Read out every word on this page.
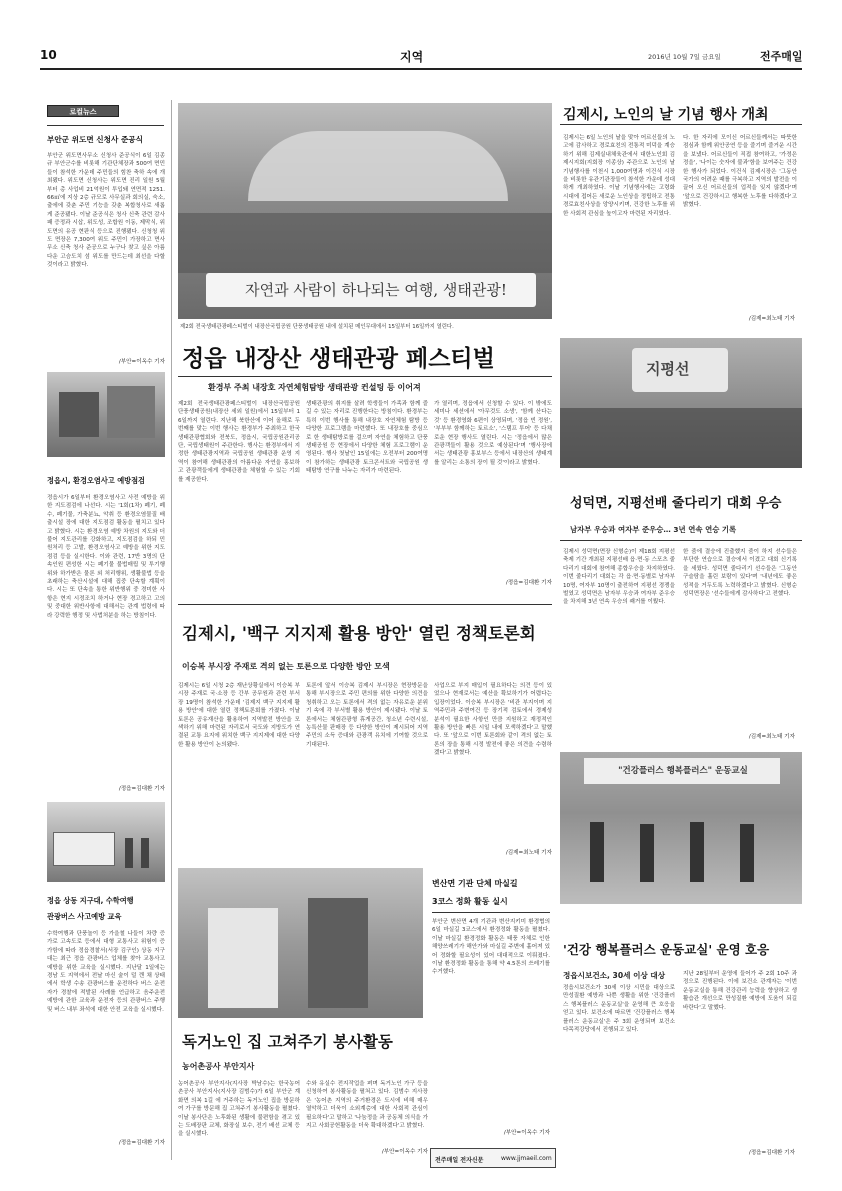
10	지역	2016년 10월 7일 금요일	전주매일
로컬뉴스
부안군 위도면 신청사 준공식
부안군 위도면사무소 신청사 준공식이 6일 김종규 부안군수를 비롯해 기관단체장과 500여 면민들이 참석한 가운데 주민들의 힘찬 축하 속에 개최됐다. 위도면 신청사는 위도면 진리 일원 5월부터 총 사업비 21억원이 투입돼 연면적 1251.66㎡에 지상 2층 규모로 사무실과 회의실, 숙소, 출에에 갖춘 주민 기능을 갖춘 복합청사로 새롭게 준공됐다. 이날 준공식은 청사 신축 관련 감사패 증정과 시삽, 위도성, 조합원 이동, 제막식, 위도면의 유공 현판식 등으로 진행됐다. 신청청 위도 면장은 7,300여 위도 주민이 가장하고 면사무소 신축 청사 준공으로 누구나 찾고 싶은 아름다운 고슴도치 섬 위도를 만드는데 최선을 다할 것이라고 밝혔다.
/부안=이옥수 기자
정읍시, 환경오염사고 예방점검
정읍시가 6일부터 환경오염사고 사전 예방을 위한 지도점검에 나선다. 시는 '1회(1차) 폐기, 폐수, 폐기물, 가축분뇨, 악취 등 환경오염물질 배출시설 장에 대한 지도점검 활동을 펼치고 있다고 밝혔다. 시는 환경오염 예방 차원의 지도와 더불어 지도관리를 강화하고, 지도점검을 하되 민원처리 등 고발, 환경오염사고 예방을 위한 지도점검 등을 실시한다. 이와 관련, 17반 3명의 단속인원 편성한 시는 폐기물 불법매립 및 투기행위와 하가받은 물론 외 처리행위, 생활불법 등을 초래하는 축산시설에 대해 집중 단속할 계획이다. 시는 또 단속을 통한 위반행위 중 경미한 사항은 현지 시정조치 하거나 현장 경고하고 고의 및 중대한 위반사항에 대해서는 관계 법령에 따라 강력한 행정 및 사법처분을 하는 방침이다.
/정읍=김대환 기자
정읍 상동 지구대, 수학여행
관광버스 사고예방 교육
수학여행과 단풍놀이 등 가을철 나들이 차량 증가로 고속도로 등에서 대형 교통사고 위험이 증가함에 따라 정읍경찰서(서장 김구인) 상동 지구대는 최근 정읍 관광버스 업체를 찾아 교통사고 예방을 위한 교육을 실시했다. 지난달 1일에는 경남 도 지역에서 전날 마신 술이 덜 깬 채 상태에서 학생 수송 관광버스를 운전하다 버스 운전자가 경찰에 적발된 사례를 언급하고 음주운전 예방에 관한 교육과 운전자 등의 관광버스 주행 및 버스 내부 좌석에 대한 안전 교육을 실시했다.
/정읍=김대환 기자
자연과 사람이 하나되는 여행, 생태관광!
제2회 전국생태관광페스티벌이 내장산국립공원 단풍생태공원 내에 설치된 메인무대에서 15일부터 16일까지 열린다.
정읍 내장산 생태관광 페스티벌
환경부 주최 내장호 자연체험탐방 생태관광 컨설팅 등 이어져
제2회 전국생태관광페스티벌이 내장산국립공원 단풍생태공원(내장산 세외 일원)에서 15일부터 16일까지 열린다. 지난해 북한산에 이어 올해로 두 번째를 맞는 이번 행사는 환경부가 주최하고 한국생태관광협회와 전북도, 정읍시, 국립공원관리공단, 국립생태원이 주관한다. 행사는 환경부에서 지정한 생태관광지역과 국립공원 생태관광 운영 지역이 참여해 생태관광의 아름다운 자연을 홍보하고 관광객들에게 생태관광을 체험할 수 있는 기회를 제공한다.
생태관광의 취지를 살려 학생들이 가족과 함께 즐길 수 있는 자리로 진행한다는 방침이다. 환경부는 특히 이번 행사를 통해 내장호 자연체험 탐방 등 다양한 프로그램을 마련했다. 또 내장호를 중심으로 한 생태탐방로를 걸으며 자연을 체험하고 단풍생태공원 등 현장에서 다양한 체험 프로그램이 운영된다. 행사 첫날인 15일에는 오전부터 200여명이 참가하는 생태관광 토크콘서트와 국립공원 생태탐방 연구를 나누는 자리가 마련된다.
가 열리며, 정읍에서 신청할 수 있다. 이 밖에도 세미나 세션에서 '아무것도 소생', '함께 산다는 것' 등 환경영화 6편이 상영되며, '정읍 빈 정원', '부부부 함께하는 토르소', '스탬프 투어' 등 다채로운 현장 행사도 열린다. 시는 '정읍에서 많은 관광객들이 활용 것으로 예상된다'며 '행사장에서는 생태관광 홍보부스 등에서 내장산의 생태계를 알리는 소통의 장이 될 것'이라고 밝혔다.
/정읍=김대환 기자
김제시, '백구 지지제 활용 방안' 열린 정책토론회
이승복 부시장 주재로 격의 없는 토론으로 다양한 방안 모색
김제시는 6일 시청 2층 재난상황실에서 이승복 부시장 주재로 국·소장 등 간부 공무원과 관련 부서장 19명이 참석한 가운데 '김제지 백구 지지제 활용 방안'에 대한 열린 정책토론회를 가졌다. 이날 토론은 공유재산을 활용하여 지역발전 방안을 모색하기 위해 마련된 자리로서 국도와 지방도가 연결된 교통 요지에 위치한 백구 지지제에 대한 다양한 활용 방안이 논의됐다.
토론에 앞서 이승복 김제시 부시장은 현장방문을 통해 부시장으로 주민 편의를 위한 다양한 의견을 청취하고 오는 토론에서 격의 없는 자유로운 분위기 속에 각 부서별 활용 방안이 제시됐다. 이날 토론에서는 체험관광형 휴게공간, 청소년 수련시설, 농특산물 판매장 등 다양한 방안이 제시되어 지역 주민의 소득 증대와 관광객 유치에 기여할 것으로 기대된다.
사업으로 부지 매입이 필요하다는 의견 등이 있었으나 현재로서는 예산을 확보하기가 어렵다는 입장이었다. 이승복 부시장은 '비관 부지이며 지역주민과 주변여건 등 장기적 검토에서 경제성 분석이 필요한 사항인 만큼 지원하고 재정적인 활용 방안을 빠른 시일 내에 모색하겠다'고 말했다. 또 '앞으로 이번 토론회와 같이 격의 없는 토론의 장을 통해 시정 발전에 좋은 의견을 수렴하겠다'고 밝혔다.
/김제=최노태 기자
독거노인 집 고쳐주기 봉사활동
농어촌공사 부안지사
농어촌공사 부안지사(지사장 박남수)는 한국농어촌공사 부안지사(지사장 김범수)가 6일 부안군 계화면 의복 1길 에 거주하는 독거노인 집을 방문하여 가구를 방문해 집 고쳐주기 봉사활동을 펼쳤다. 이날 봉사단은 노후화된 생활에 불편함을 겪고 있는 도배장판 교체, 화장실 보수, 전기 배선 교체 등을 실시했다.
수와 유실수 전지작업을 펴며 독거노인 가구 등을 신청하여 봉사활동을 펼쳐고 있다. 김범수 지사장은 '농어촌 지역의 주거환경은 도시에 비해 매우 열악하고 더욱이 소외계층에 대한 사회적 관심이 필요하다'고 말하고 '나눔정을 과 공동체 의식을 가지고 사회공헌활동을 더욱 확대하겠다'고 밝혔다.
/부안=이옥수 기자
변산면 기관 단체 마실길
3코스 정화 활동 실시
부안군 변산면 4개 기관과 변산지키미 환경협의 6일 마실길 3코스에서 환경정화 활동을 펼쳤다. 이날 마실길 환경정화 활동은 태풍 자체로 인한 해양쓰레기가 해안가와 마실길 주변에 흩어져 있어 정화할 필요성이 있어 대대적으로 이뤄졌다. 이날 환경정화 활동을 통해 약 4.5톤의 쓰레기를 수거했다.
/부안=이옥수 기자
전주매일 전자신문	www.jjmaeil.com
김제시, 노인의 날 기념 행사 개최
김제시는 6일 노인의 날을 맞아 어르신들의 노고에 감사하고 경로효친의 전통적 미덕을 계승하기 위해 김제실내체육관에서 대한노인회 김제시지회(지회장 이종상) 주관으로 노인의 날 기념행사를 이천시 1,000여명과 이건식 시장을 비롯한 유관기관장들이 참석한 가운데 성대하게 개최하였다. 이날 기념행사에는 고령화 시대에 접어든 새로운 노인상을 정립하고 전통 경로효친사상을 앙양시키며, 건강한 노후를 위한 사회적 관심을 높이고자 마련된 자리였다.
다. 한 자리에 모이신 어르신들께서는 따뜻한 점심과 함께 위안공연 등을 즐기며 즐거운 시간을 보냈다. 어르신들이 직접 참여하고, '가정은 정을', '나이는 숫자에 불과'함을 보여주는 건강한 행사가 되었다. 이건식 김제시장은 '그동안 국가의 어려운 때를 극복하고 지역의 발전을 이끌어 오신 어르신들의 업적을 잊지 않겠다'며 '앞으로 건강하시고 행복한 노후를 다하겠다'고 밝혔다.
/김제=최노태 기자
지평선
성덕면, 지평선배 줄다리기 대회 우승
남자부 우승과 여자부 준우승… 3년 연속 연승 기록
김제시 성덕면(면장 신형순)이 제18회 지평선축제 기간 개최된 지평선배 읍·면·동 스포츠 줄다리기 대회에 참여해 종합우승을 차지하였다. 이번 줄다리기 대회는 각 읍·면·동별로 남자부 10명, 여자부 10명이 출전하여 지평선 경쟁을 벌였고 성덕면은 남자부 우승과 여자부 준우승을 차지해 3년 연속 우승의 쾌거를 이뤘다.
한 줌에 결승에 진출했지 줌이 하지 선수들은 부단한 연습으로 결승에서 이겼고 대회 신기록을 세웠다. 성덕면 줄다리기 선수들은 '그동안 구슬땀을 흘린 보람이 있다'며 '내년에도 좋은 성적을 거두도록 노력하겠다'고 밝혔다. 신형순 성덕면장은 '선수들에게 감사하다'고 전했다.
/김제=최노태 기자
"건강플러스 행복플러스" 운동교실
'건강 행복플러스 운동교실' 운영 호응
정읍시보건소, 30세 이상 대상
정읍시보건소가 30세 이상 시민을 대상으로 만성질환 예방과 나쁜 생활을 위한 '건강플러스 행복플러스 운동교실'을 운영해 큰 호응을 얻고 있다. 보건소에 따르면 '건강플러스 행복플러스 운동교실'은 주 3회 운영되며 보건소 다목적강당에서 진행되고 있다.
지난 28일부터 운영에 들어가 주 2회 10주 과정으로 진행된다. 이에 보건소 관계자는 '이번 운동교실을 통해 건강관리 능력을 향상하고 생활습관 개선으로 만성질환 예방에 도움이 되길 바란다'고 말했다.
/정읍=김대환 기자
